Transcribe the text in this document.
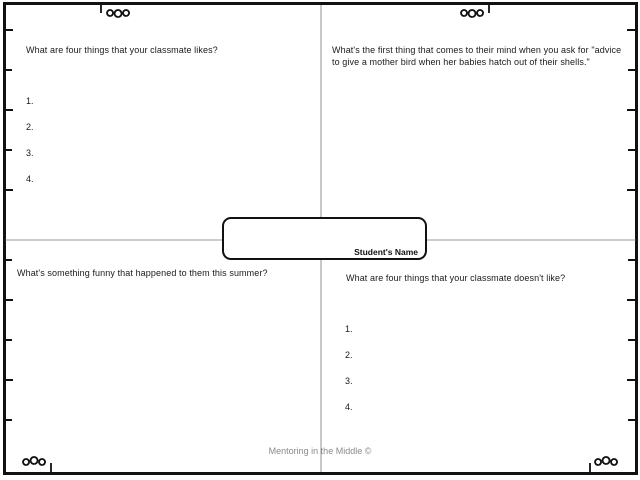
What are four things that your classmate likes?
1.
2.
3.
4.
What's the first thing that comes to their mind when you ask for "advice to give a mother bird when her babies hatch out of their shells."
What's something funny that happened to them this summer?	What are four things that your classmate doesn't like?
1.
2.
3.
4.
Student's Name
Mentoring in the Middle ©
